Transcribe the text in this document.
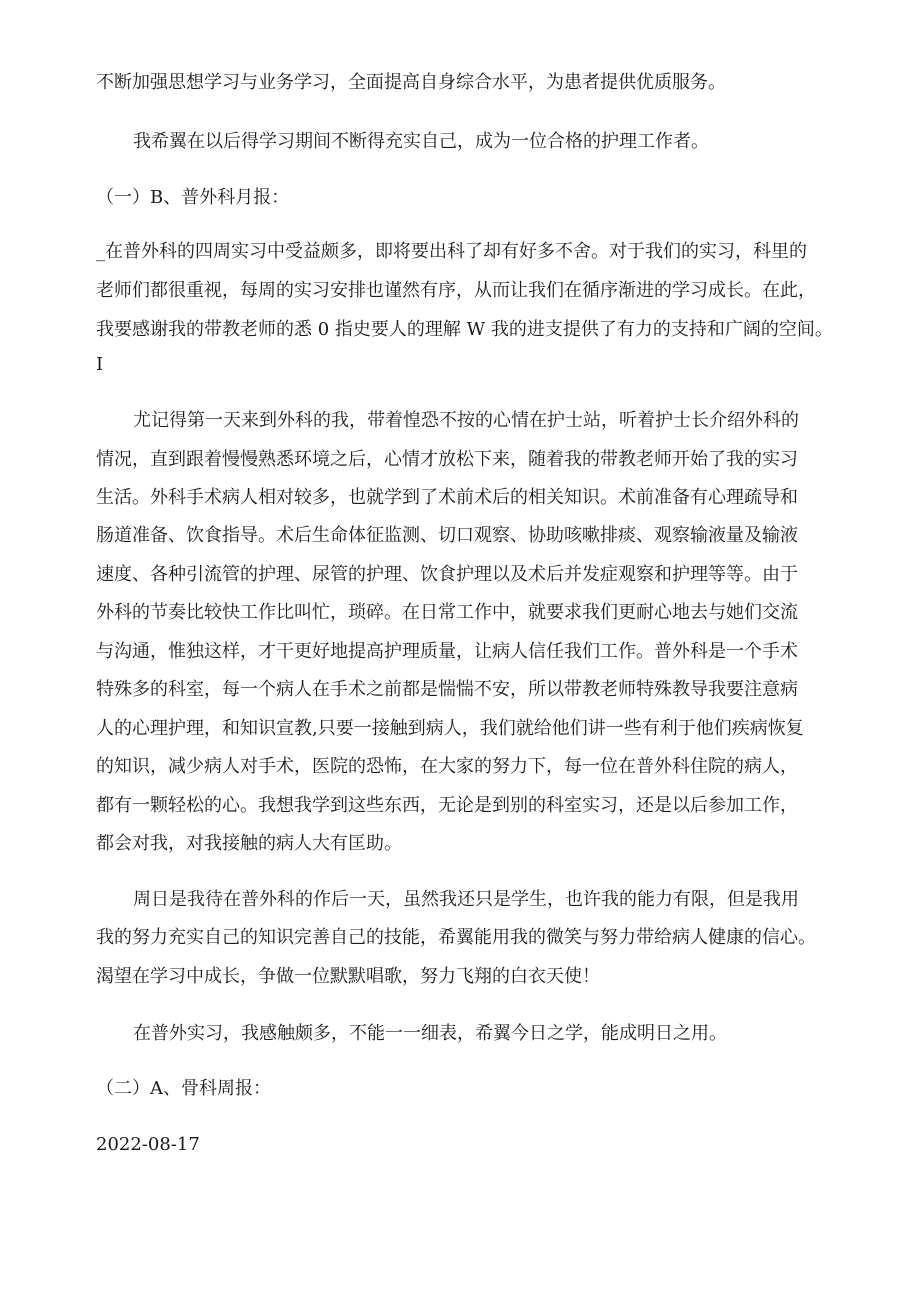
不断加强思想学习与业务学习，全面提高自身综合水平，为患者提供优质服务。

我希翼在以后得学习期间不断得充实自己，成为一位合格的护理工作者。

（一）B、普外科月报：

_在普外科的四周实习中受益颇多，即将要出科了却有好多不舍。对于我们的实习，科里的

老师们都很重视，每周的实习安排也谨然有序，从而让我们在循序渐进的学习成长。在此，

我要感谢我的带教老师的悉 0 指史要人的理解 W 我的进支提供了有力的支持和广阔的空间。

I

尤记得第一天来到外科的我，带着惶恐不按的心情在护士站，听着护士长介绍外科的

情况，直到跟着慢慢熟悉环境之后，心情才放松下来，随着我的带教老师开始了我的实习

生活。外科手术病人相对较多，也就学到了术前术后的相关知识。术前准备有心理疏导和

肠道准备、饮食指导。术后生命体征监测、切口观察、协助咳嗽排痰、观察输液量及输液

速度、各种引流管的护理、尿管的护理、饮食护理以及术后并发症观察和护理等等。由于

外科的节奏比较快工作比叫忙，琐碎。在日常工作中，就要求我们更耐心地去与她们交流

与沟通，惟独这样，才干更好地提高护理质量，让病人信任我们工作。普外科是一个手术

特殊多的科室，每一个病人在手术之前都是惴惴不安，所以带教老师特殊教导我要注意病

人的心理护理，和知识宣教,只要一接触到病人，我们就给他们讲一些有利于他们疾病恢复

的知识，减少病人对手术，医院的恐怖，在大家的努力下，每一位在普外科住院的病人，

都有一颗轻松的心。我想我学到这些东西，无论是到别的科室实习，还是以后参加工作，

都会对我，对我接触的病人大有匡助。

周日是我待在普外科的作后一天，虽然我还只是学生，也许我的能力有限，但是我用

我的努力充实自己的知识完善自己的技能，希翼能用我的微笑与努力带给病人健康的信心。

渴望在学习中成长，争做一位默默唱歌，努力飞翔的白衣天使！

在普外实习，我感触颇多，不能一一细表，希翼今日之学，能成明日之用。

（二）A、骨科周报：

2022-08-17
